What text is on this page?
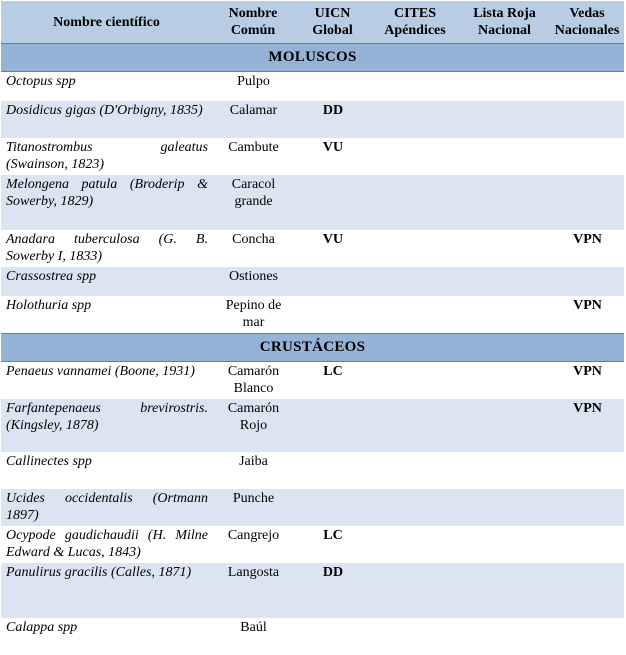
Nombre científico	Nombre Común	UICN Global	CITES Apéndices	Lista Roja Nacional	Vedas Nacionales
MOLUSCOS					
Octopus spp	Pulpo				
Dosidicus gigas (D'Orbigny, 1835)	Calamar	DD			
Titanostrombus galeatus (Swainson, 1823)	Cambute	VU			
Melongena patula (Broderip & Sowerby, 1829)	Caracol grande				
Anadara tuberculosa (G. B. Sowerby I, 1833)	Concha	VU			VPN
Crassostrea spp	Ostiones				
Holothuria spp	Pepino de mar				VPN
CRUSTÁCEOS					
Penaeus vannamei (Boone, 1931)	Camarón Blanco	LC			VPN
Farfantepenaeus brevirostris. (Kingsley, 1878)	Camarón Rojo				VPN
Callinectes spp	Jaiba				
Ucides occidentalis (Ortmann 1897)	Punche				
Ocypode gaudichaudii (H. Milne Edward & Lucas, 1843)	Cangrejo	LC			
Panulirus gracilis (Calles, 1871)	Langosta	DD			
Calappa spp	Baúl				
